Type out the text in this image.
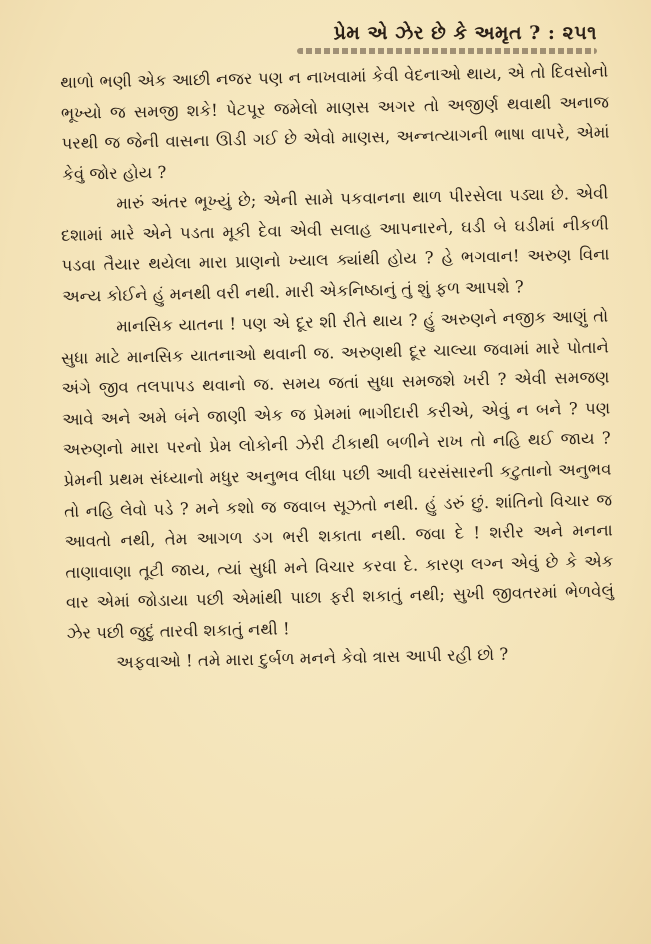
પ્રેમ એ ઝેર છે કે અમૃત ? : ૨૫૧

થાળો ભણી એક આછી નજર પણ ન નાખવામાં કેવી વેદનાઓ થાય, એ તો દિવસોનો ભૂખ્યો જ સમજી શકે! પેટપૂર જમેલો માણસ અગર તો અજીર્ણ થવાથી અનાજ પરથી જ જેની વાસના ઊડી ગઈ છે એવો માણસ, અન્નત્યાગની ભાષા વાપરે, એમાં કેવું જોર હોય ?

મારું અંતર ભૂખ્યું છે; એની સામે પકવાનના થાળ પીરસેલા પડ્યા છે. એવી દશામાં મારે એને પડતા મૂકી દેવા એવી સલાહ આપનારને, ઘડી બે ઘડીમાં નીકળી પડવા તૈયાર થયેલા મારા પ્રાણનો ખ્યાલ ક્યાંથી હોય ? હે ભગવાન! અરુણ વિના અન્ય કોઈને હું મનથી વરી નથી. મારી એકનિષ્ઠાનું તું શું ફળ આપશે ?

માનસિક યાતના ! પણ એ દૂર શી રીતે થાય ? હું અરુણને નજીક આણું તો સુધા માટે માનસિક યાતનાઓ થવાની જ. અરુણથી દૂર ચાલ્યા જવામાં મારે પોતાને અંગે જીવ તલપાપડ થવાનો જ. સમય જતાં સુધા સમજશે ખરી ? એવી સમજણ આવે અને અમે બંને જાણી એક જ પ્રેમમાં ભાગીદારી કરીએ, એવું ન બને ? પણ અરુણનો મારા પરનો પ્રેમ લોકોની ઝેરી ટીકાથી બળીને રાખ તો નહિ થઈ જાય ? પ્રેમની પ્રથમ સંધ્યાનો મધુર અનુભવ લીધા પછી આવી ઘરસંસારની કટુતાનો અનુભવ તો નહિ લેવો પડે ? મને કશો જ જવાબ સૂઝતો નથી. હું ડરું છું. શાંતિનો વિચાર જ આવતો નથી, તેમ આગળ ડગ ભરી શકાતા નથી. જવા દે ! શરીર અને મનના તાણાવાણા તૂટી જાય, ત્યાં સુધી મને વિચાર કરવા દે. કારણ લગ્ન એવું છે કે એક વાર એમાં જોડાયા પછી એમાંથી પાછા ફરી શકાતું નથી; સુખી જીવતરમાં ભેળવેલું ઝેર પછી જુદું તારવી શકાતું નથી !

અફવાઓ ! તમે મારા દુર્બળ મનને કેવો ત્રાસ આપી રહી છો ?
